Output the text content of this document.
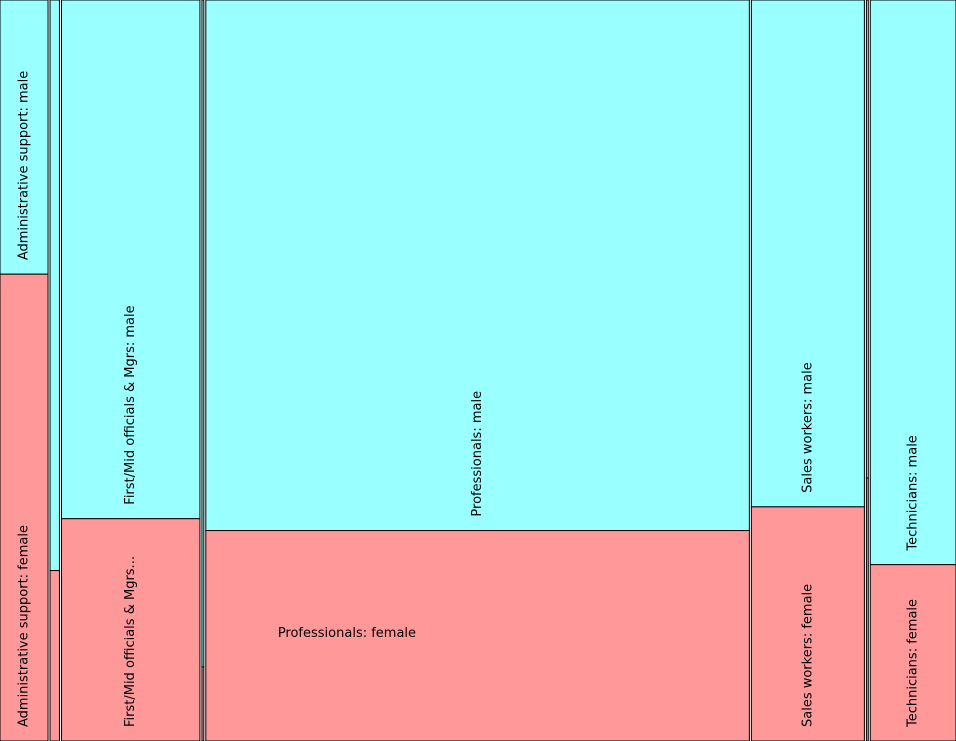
Administrative support: male
Administrative support: female
First/Mid officials & Mgrs: male
First/Mid officials & Mgrs...
Professionals: male
Professionals: female
Sales workers: male
Sales workers: female
Technicians: male
Technicians: female
